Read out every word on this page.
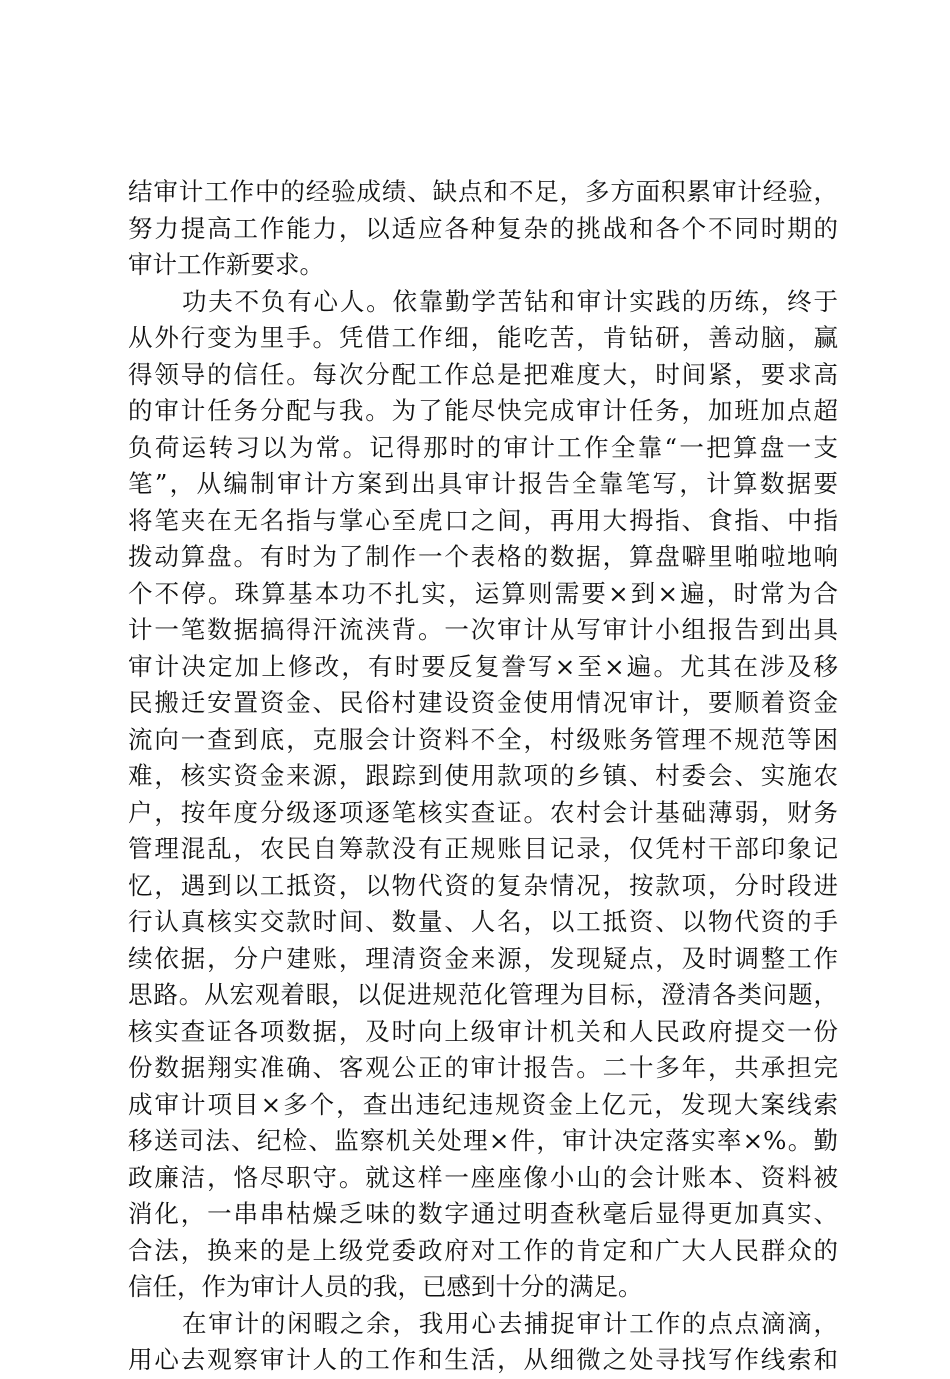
结审计工作中的经验成绩、缺点和不足，多方面积累审计经验，
努力提高工作能力，以适应各种复杂的挑战和各个不同时期的
审计工作新要求。
功夫不负有心人。依靠勤学苦钻和审计实践的历练，终于
从外行变为里手。凭借工作细，能吃苦，肯钻研，善动脑，赢
得领导的信任。每次分配工作总是把难度大，时间紧，要求高
的审计任务分配与我。为了能尽快完成审计任务，加班加点超
负荷运转习以为常。记得那时的审计工作全靠“一把算盘一支
笔”，从编制审计方案到出具审计报告全靠笔写，计算数据要
将笔夹在无名指与掌心至虎口之间，再用大拇指、食指、中指
拨动算盘。有时为了制作一个表格的数据，算盘噼里啪啦地响
个不停。珠算基本功不扎实，运算则需要×到×遍，时常为合
计一笔数据搞得汗流浃背。一次审计从写审计小组报告到出具
审计决定加上修改，有时要反复誊写×至×遍。尤其在涉及移
民搬迁安置资金、民俗村建设资金使用情况审计，要顺着资金
流向一查到底，克服会计资料不全，村级账务管理不规范等困
难，核实资金来源，跟踪到使用款项的乡镇、村委会、实施农
户，按年度分级逐项逐笔核实查证。农村会计基础薄弱，财务
管理混乱，农民自筹款没有正规账目记录，仅凭村干部印象记
忆，遇到以工抵资，以物代资的复杂情况，按款项，分时段进
行认真核实交款时间、数量、人名，以工抵资、以物代资的手
续依据，分户建账，理清资金来源，发现疑点，及时调整工作
思路。从宏观着眼，以促进规范化管理为目标，澄清各类问题，
核实查证各项数据，及时向上级审计机关和人民政府提交一份
份数据翔实准确、客观公正的审计报告。二十多年，共承担完
成审计项目×多个，查出违纪违规资金上亿元，发现大案线索
移送司法、纪检、监察机关处理×件，审计决定落实率×%。勤
政廉洁，恪尽职守。就这样一座座像小山的会计账本、资料被
消化，一串串枯燥乏味的数字通过明查秋毫后显得更加真实、
合法，换来的是上级党委政府对工作的肯定和广大人民群众的
信任，作为审计人员的我，已感到十分的满足。
在审计的闲暇之余，我用心去捕捉审计工作的点点滴滴，
用心去观察审计人的工作和生活，从细微之处寻找写作线索和
